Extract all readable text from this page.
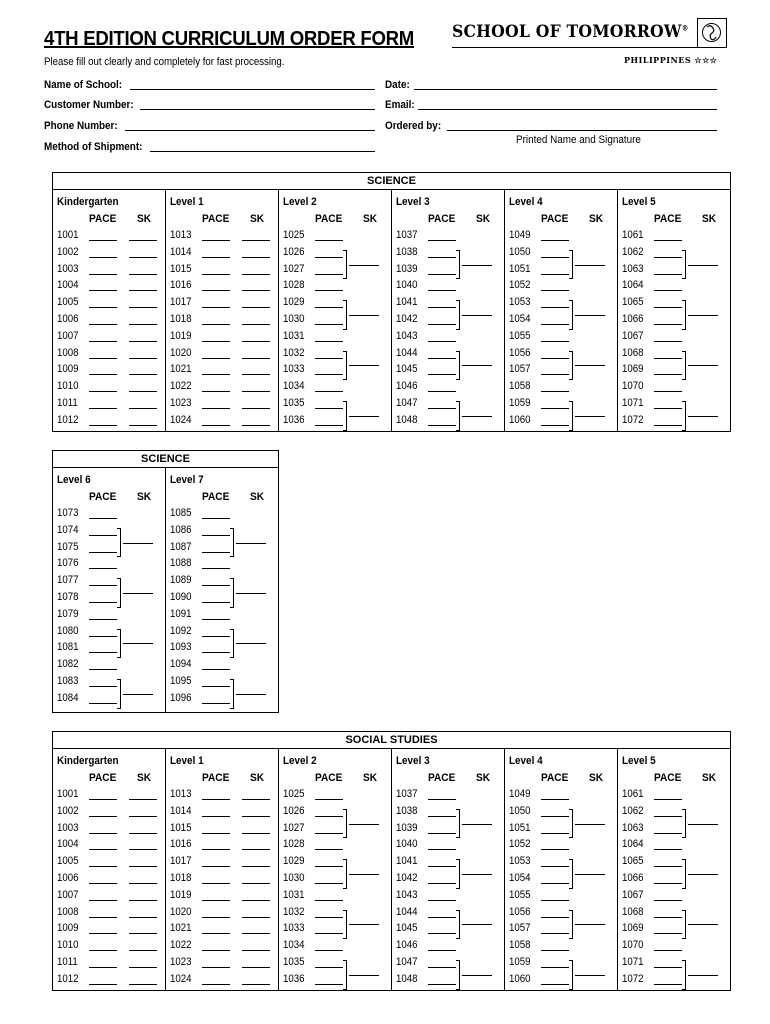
4TH EDITION CURRICULUM ORDER FORM
Please fill out clearly and completely for fast processing.
SCHOOL OF TOMORROW®
PHILIPPINES ☆☆☆
Name of School:
Customer Number:
Phone Number:
Method of Shipment:
Date:
Email:
Ordered by:
Printed Name and Signature
SCIENCE
Kindergarten
PACE SK
1001
1002
1003
1004
1005
1006
1007
1008
1009
1010
1011
1012
Level 1
PACE SK
1013
1014
1015
1016
1017
1018
1019
1020
1021
1022
1023
1024
Level 2
PACE SK
1025
1026
1027
1028
1029
1030
1031
1032
1033
1034
1035
1036
Level 3
PACE SK
1037
1038
1039
1040
1041
1042
1043
1044
1045
1046
1047
1048
Level 4
PACE SK
1049
1050
1051
1052
1053
1054
1055
1056
1057
1058
1059
1060
Level 5
PACE SK
1061
1062
1063
1064
1065
1066
1067
1068
1069
1070
1071
1072
SCIENCE
Level 6
PACE SK
1073
1074
1075
1076
1077
1078
1079
1080
1081
1082
1083
1084
Level 7
PACE SK
1085
1086
1087
1088
1089
1090
1091
1092
1093
1094
1095
1096
SOCIAL STUDIES
Kindergarten
PACE SK
1001
1002
1003
1004
1005
1006
1007
1008
1009
1010
1011
1012
Level 1
PACE SK
1013
1014
1015
1016
1017
1018
1019
1020
1021
1022
1023
1024
Level 2
PACE SK
1025
1026
1027
1028
1029
1030
1031
1032
1033
1034
1035
1036
Level 3
PACE SK
1037
1038
1039
1040
1041
1042
1043
1044
1045
1046
1047
1048
Level 4
PACE SK
1049
1050
1051
1052
1053
1054
1055
1056
1057
1058
1059
1060
Level 5
PACE SK
1061
1062
1063
1064
1065
1066
1067
1068
1069
1070
1071
1072
